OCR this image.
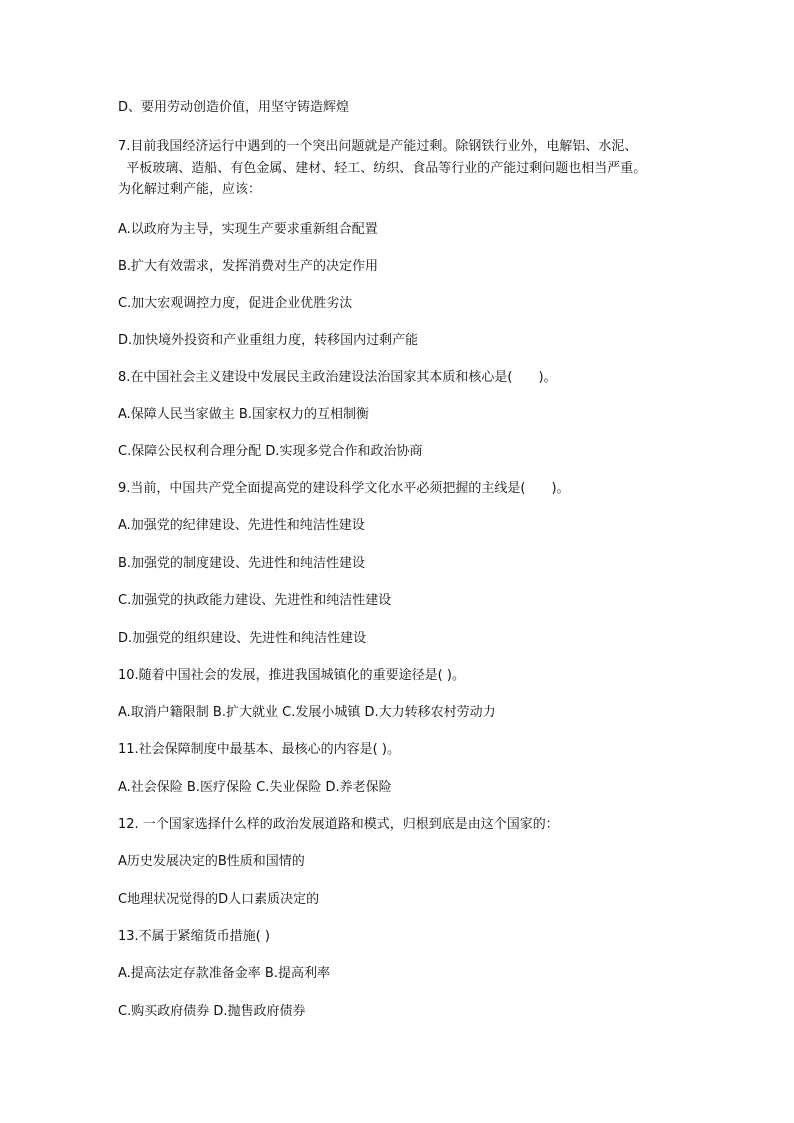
D、要用劳动创造价值，用坚守铸造辉煌
7.目前我国经济运行中遇到的一个突出问题就是产能过剩。除钢铁行业外，电解铝、水泥、
平板玻璃、造船、有色金属、建材、轻工、纺织、食品等行业的产能过剩问题也相当严重。
为化解过剩产能，应该：
A.以政府为主导，实现生产要求重新组合配置
B.扩大有效需求，发挥消费对生产的决定作用
C.加大宏观调控力度，促进企业优胜劣汰
D.加快境外投资和产业重组力度，转移国内过剩产能
8.在中国社会主义建设中发展民主政治建设法治国家其本质和核心是(　　)。
A.保障人民当家做主 B.国家权力的互相制衡
C.保障公民权利合理分配 D.实现多党合作和政治协商
9.当前，中国共产党全面提高党的建设科学文化水平必须把握的主线是(　　)。
A.加强党的纪律建设、先进性和纯洁性建设
B.加强党的制度建设、先进性和纯洁性建设
C.加强党的执政能力建设、先进性和纯洁性建设
D.加强党的组织建设、先进性和纯洁性建设
10.随着中国社会的发展，推进我国城镇化的重要途径是( )。
A.取消户籍限制 B.扩大就业 C.发展小城镇 D.大力转移农村劳动力
11.社会保障制度中最基本、最核心的内容是( )。
A.社会保险 B.医疗保险 C.失业保险 D.养老保险
12. 一个国家选择什么样的政治发展道路和模式，归根到底是由这个国家的：
A历史发展决定的B性质和国情的
C地理状况觉得的D人口素质决定的
13.不属于紧缩货币措施( )
A.提高法定存款准备金率 B.提高利率
C.购买政府债券 D.抛售政府债券
